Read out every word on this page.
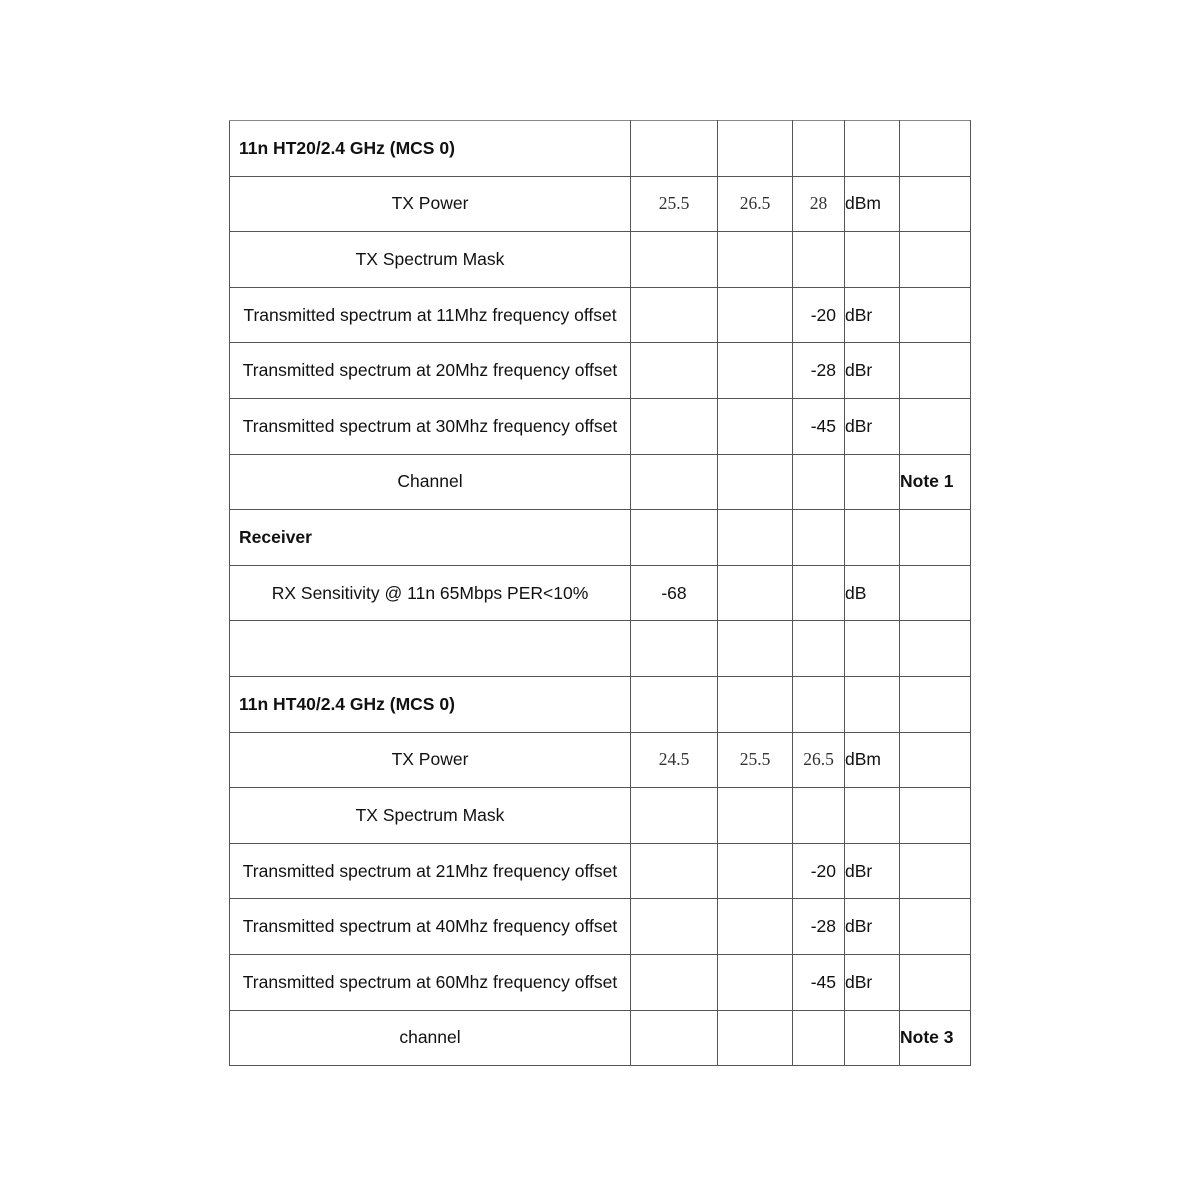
11n HT20/2.4 GHz (MCS 0)					
TX Power	25.5	26.5	28	dBm	
TX Spectrum Mask					
Transmitted spectrum at 11Mhz frequency offset			-20	dBr	
Transmitted spectrum at 20Mhz frequency offset			-28	dBr	
Transmitted spectrum at 30Mhz frequency offset			-45	dBr	
Channel					Note 1
Receiver					
RX Sensitivity @ 11n 65Mbps PER<10%	-68			dB	

11n HT40/2.4 GHz (MCS 0)					
TX Power	24.5	25.5	26.5	dBm	
TX Spectrum Mask					
Transmitted spectrum at 21Mhz frequency offset			-20	dBr	
Transmitted spectrum at 40Mhz frequency offset			-28	dBr	
Transmitted spectrum at 60Mhz frequency offset			-45	dBr	
channel					Note 3
